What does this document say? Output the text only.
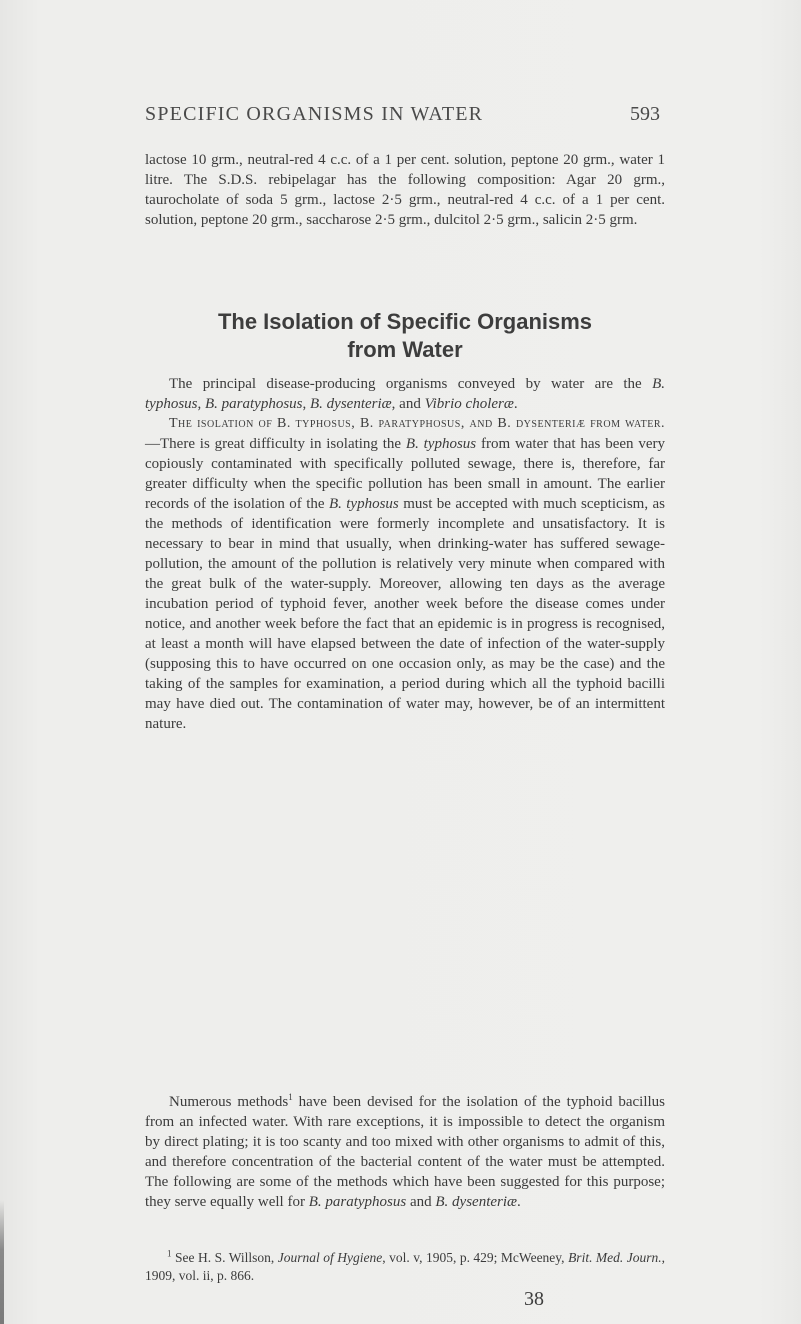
SPECIFIC ORGANISMS IN WATER	593

lactose 10 grm., neutral-red 4 c.c. of a 1 per cent. solution, peptone 20 grm., water 1 litre. The S.D.S. rebipelagar has the following composition: Agar 20 grm., taurocholate of soda 5 grm., lactose 2·5 grm., neutral-red 4 c.c. of a 1 per cent. solution, peptone 20 grm., saccharose 2·5 grm., dulcitol 2·5 grm., salicin 2·5 grm.

The Isolation of Specific Organisms
from Water

The principal disease-producing organisms conveyed by water are the B. typhosus, B. paratyphosus, B. dysenteriæ, and Vibrio choleræ.

The isolation of B. typhosus, B. paratyphosus, and B. dysenteriæ from water.—There is great difficulty in isolating the B. typhosus from water that has been very copiously contaminated with specifically polluted sewage, there is, therefore, far greater difficulty when the specific pollution has been small in amount. The earlier records of the isolation of the B. typhosus must be accepted with much scepticism, as the methods of identification were formerly incomplete and unsatisfactory. It is necessary to bear in mind that usually, when drinking-water has suffered sewage-pollution, the amount of the pollution is relatively very minute when compared with the great bulk of the water-supply. Moreover, allowing ten days as the average incubation period of typhoid fever, another week before the disease comes under notice, and another week before the fact that an epidemic is in progress is recognised, at least a month will have elapsed between the date of infection of the water-supply (supposing this to have occurred on one occasion only, as may be the case) and the taking of the samples for examination, a period during which all the typhoid bacilli may have died out. The contamination of water may, however, be of an intermittent nature.

Numerous methods$^1$ have been devised for the isolation of the typhoid bacillus from an infected water. With rare exceptions, it is impossible to detect the organism by direct plating; it is too scanty and too mixed with other organisms to admit of this, and therefore concentration of the bacterial content of the water must be attempted. The following are some of the methods which have been suggested for this purpose; they serve equally well for B. paratyphosus and B. dysenteriæ.

$^1$ See H. S. Willson, Journal of Hygiene, vol. v, 1905, p. 429; McWeeney, Brit. Med. Journ., 1909, vol. ii, p. 866.

38
